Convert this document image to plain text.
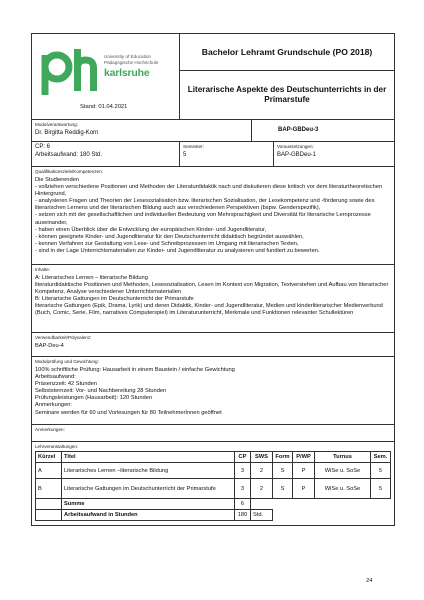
University of Education
Pädagogische Hochschule
karlsruhe
Stand: 01.04.2021
Bachelor Lehramt Grundschule (PO 2018)
Literarische Aspekte des Deutschunterrichts in der Primarstufe
Modulverantwortung:
Dr. Birgitta Reddig-Korn
BAP-GBDeu-3
CP: 6
Arbeitsaufwand: 180 Std.
Semester:
5
Voraussetzungen:
BAP-GBDeu-1
Qualifikationsziele/Kompetenzen:
Die Studierenden
- vollziehen verschiedene Positionen und Methoden der Literaturdidaktik nach und diskutieren diese kritisch vor dem literaturtheoretischen Hintergrund,
- analysieren Fragen und Theorien der Lesesozialisation bzw. literarischen Sozialisation, der Lesekompetenz und -förderung sowie des literarischen Lernens und der literarischen Bildung auch aus verschiedenen Perspektiven (bspw. Genderspezifik),
- setzen sich mit der gesellschaftlichen und individuellen Bedeutung von Mehrsprachigkeit und Diversität für literarische Lernprozesse auseinander,
- haben einen Überblick über die Entwicklung der europäischen Kinder- und Jugendliteratur,
- können geeignete Kinder- und Jugendliteratur für den Deutschunterricht didaktisch begründet auswählen,
- kennen Verfahren zur Gestaltung von Lese- und Schreibprozessen im Umgang mit literarischen Texten,
- sind in der Lage Unterrichtsmaterialien zur Kinder- und Jugendliteratur zu analysieren und fundiert zu bewerten.
Inhalte:
A: Literarisches Lernen – literarische Bildung
literaturdidaktische Positionen und Methoden, Lesesozialisation, Lesen im Kontext von Migration, Textverstehen und Aufbau von literarischer Kompetenz, Analyse verschiedener Unterrichtsmaterialien
B: Literarische Gattungen im Deutschunterricht der Primarstufe
literarische Gattungen (Epik, Drama, Lyrik) und deren Didaktik, Kinder- und Jugendliteratur, Medien und kinderliterarischer Medienverbund (Buch, Comic, Serie, Film, narratives Computerspiel) im Literaturunterricht, Merkmale und Funktionen relevanter Schullektüren
Verwendbarkeit/Polyvalenz:
BAP-Deu-4
Modulprüfung und Gewichtung:
100% schriftliche Prüfung: Hausarbeit in einem Baustein / einfache Gewichtung
Arbeitsaufwand:
Präsenzzeit: 42 Stunden
Selbststernzeit: Vor- und Nachbereitung 28 Stunden
Prüfungsleistungen (Hausarbeit): 120 Stunden
Anmerkungen:
Seminare werden für 60 und Vorlesungen für 80 TeilnehmerInnen geöffnet
Anmerkungen:
Lehrveranstaltungen:
Kürzel	Titel	CP	SWS	Form	P/WP	Turnus	Sem.
A	Literarisches Lernen –literarische Bildung	3	2	S	P	WiSe u. SoSe	5
B	Literarische Gattungen im Deutschunterricht der Primarstufe	3	2	S	P	WiSe u. SoSe	5
	Summe	6					
	Arbeitsaufwand in Stunden	180	Std.				
24
